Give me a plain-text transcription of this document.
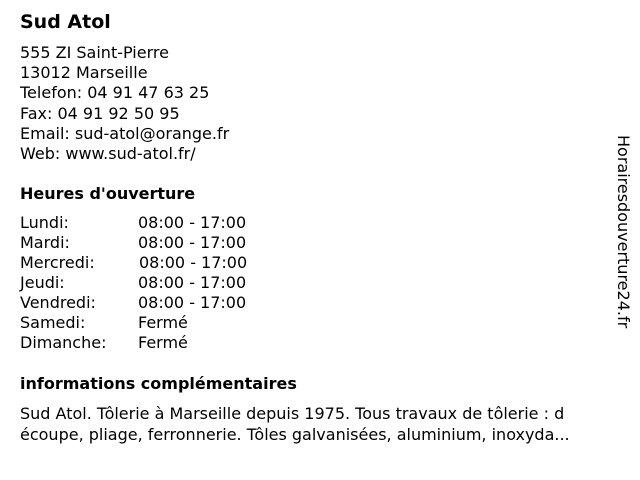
Sud Atol
555 ZI Saint-Pierre
13012 Marseille
Telefon: 04 91 47 63 25
Fax: 04 91 92 50 95
Email: sud-atol@orange.fr
Web: www.sud-atol.fr/
Heures d'ouverture
Lundi:	08:00 - 17:00
Mardi:	08:00 - 17:00
Mercredi:	08:00 - 17:00
Jeudi:	08:00 - 17:00
Vendredi:	08:00 - 17:00
Samedi:	Fermé
Dimanche: Fermé
informations complémentaires
Sud Atol. Tôlerie à Marseille depuis 1975. Tous travaux de tôlerie : d
écoupe, pliage, ferronnerie. Tôles galvanisées, aluminium, inoxyda...
Horairesdouverture24.fr
